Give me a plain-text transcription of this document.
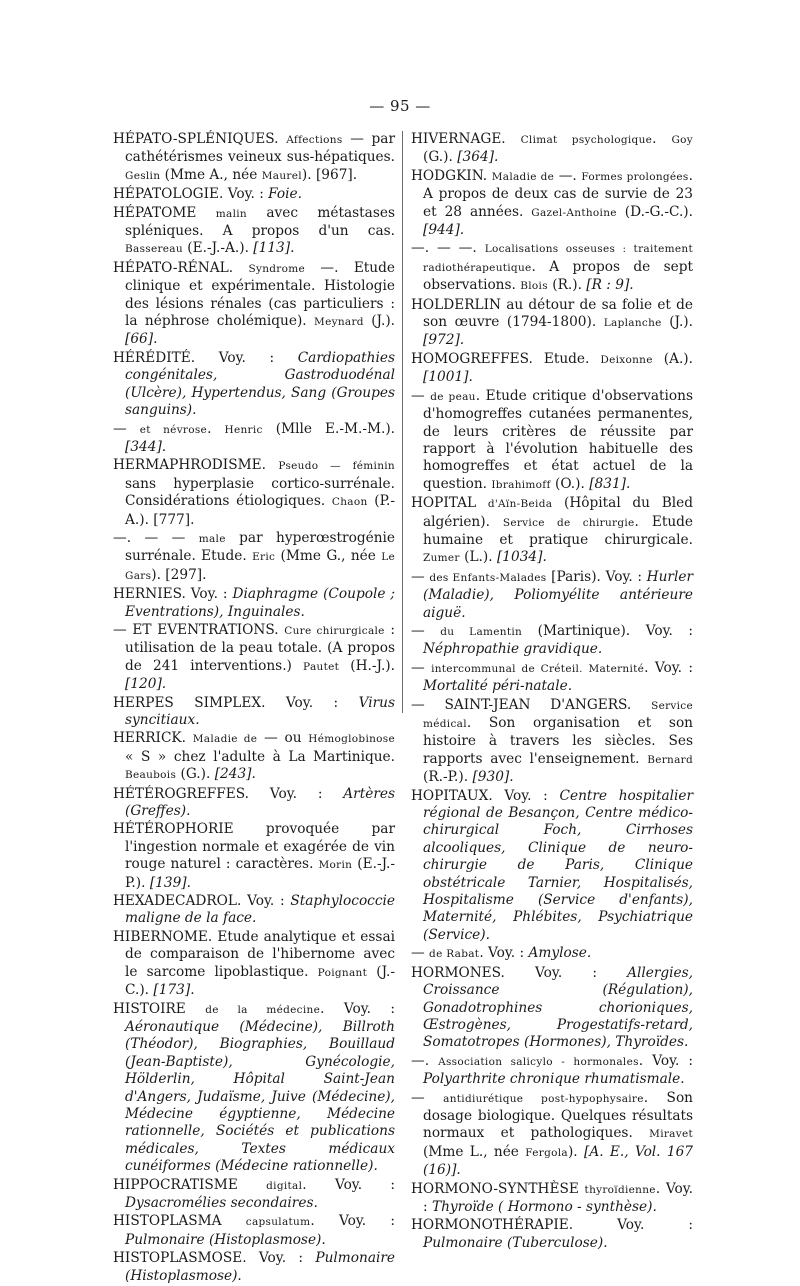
— 95 —

HÉPATO-SPLÉNIQUES. Affections — par cathétérismes veineux sus-hépatiques. Geslin (Mme A., née Maurel). [967].

HÉPATOLOGIE. Voy. : Foie.

HÉPATOME malin avec métastases spléniques. A propos d'un cas. Bassereau (E.-J.-A.). [113].

HÉPATO-RÉNAL. Syndrome —. Etude clinique et expérimentale. Histologie des lésions rénales (cas particuliers : la néphrose cholémique). Meynard (J.). [66].

HÉRÉDITÉ. Voy. : Cardiopathies congénitales, Gastroduodénal (Ulcère), Hypertendus, Sang (Groupes sanguins).

— et névrose. Henric (Mlle E.-M.-M.). [344].

HERMAPHRODISME. Pseudo — féminin sans hyperplasie cortico-surrénale. Considérations étiologiques. Chaon (P.-A.). [777].

—. — — male par hyperœstrogénie surrénale. Etude. Eric (Mme G., née Le Gars). [297].

HERNIES. Voy. : Diaphragme (Coupole ; Eventrations), Inguinales.

— ET EVENTRATIONS. Cure chirurgicale : utilisation de la peau totale. (A propos de 241 interventions.) Pautet (H.-J.). [120].

HERPES SIMPLEX. Voy. : Virus syncitiaux.

HERRICK. Maladie de — ou Hémoglobinose « S » chez l'adulte à La Martinique. Beaubois (G.). [243].

HÉTÉROGREFFES. Voy. : Artères (Greffes).

HÉTÉROPHORIE provoquée par l'ingestion normale et exagérée de vin rouge naturel : caractères. Morin (E.-J.-P.). [139].

HEXADECADROL. Voy. : Staphylococcie maligne de la face.

HIBERNOME. Etude analytique et essai de comparaison de l'hibernome avec le sarcome lipoblastique. Poignant (J.-C.). [173].

HISTOIRE de la médecine. Voy. : Aéronautique (Médecine), Billroth (Théodor), Biographies, Bouillaud (Jean-Baptiste), Gynécologie, Hölderlin, Hôpital Saint-Jean d'Angers, Judaïsme, Juive (Médecine), Médecine égyptienne, Médecine rationnelle, Sociétés et publications médicales, Textes médicaux cunéiformes (Médecine rationnelle).

HIPPOCRATISME digital. Voy. : Dysacromélies secondaires.

HISTOPLASMA capsulatum. Voy. : Pulmonaire (Histoplasmose).

HISTOPLASMOSE. Voy. : Pulmonaire (Histoplasmose).

HIVERNAGE. Climat psychologique. Goy (G.). [364].

HODGKIN. Maladie de —. Formes prolongées. A propos de deux cas de survie de 23 et 28 années. Gazel-Anthoine (D.-G.-C.). [944].

—. — —. Localisations osseuses : traitement radiothérapeutique. A propos de sept observations. Blois (R.). [R : 9].

HOLDERLIN au détour de sa folie et de son œuvre (1794-1800). Laplanche (J.). [972].

HOMOGREFFES. Etude. Deixonne (A.). [1001].

— de peau. Etude critique d'observations d'homogreffes cutanées permanentes, de leurs critères de réussite par rapport à l'évolution habituelle des homogreffes et état actuel de la question. Ibrahimoff (O.). [831].

HOPITAL d'Aïn-Beida (Hôpital du Bled algérien). Service de chirurgie. Etude humaine et pratique chirurgicale. Zumer (L.). [1034].

— des Enfants-Malades [Paris). Voy. : Hurler (Maladie), Poliomyélite antérieure aiguë.

— du Lamentin (Martinique). Voy. : Néphropathie gravidique.

— intercommunal de Créteil. Maternité. Voy. : Mortalité péri-natale.

— SAINT-JEAN D'ANGERS. Service médical. Son organisation et son histoire à travers les siècles. Ses rapports avec l'enseignement. Bernard (R.-P.). [930].

HOPITAUX. Voy. : Centre hospitalier régional de Besançon, Centre médico-chirurgical Foch, Cirrhoses alcooliques, Clinique de neuro-chirurgie de Paris, Clinique obstétricale Tarnier, Hospitalisés, Hospitalisme (Service d'enfants), Maternité, Phlébites, Psychiatrique (Service).

— de Rabat. Voy. : Amylose.

HORMONES. Voy. : Allergies, Croissance (Régulation), Gonadotrophines chorioniques, Œstrogènes, Progestatifs-retard, Somatotropes (Hormones), Thyroïdes.

—. Association salicylo - hormonales. Voy. : Polyarthrite chronique rhumatismale.

— antidiurétique post-hypophysaire. Son dosage biologique. Quelques résultats normaux et pathologiques. Miravet (Mme L., née Fergola). [A. E., Vol. 167 (16)].

HORMONO-SYNTHÈSE thyroïdienne. Voy. : Thyroïde ( Hormono - synthèse).

HORMONOTHÉRAPIE. Voy. : Pulmonaire (Tuberculose).
